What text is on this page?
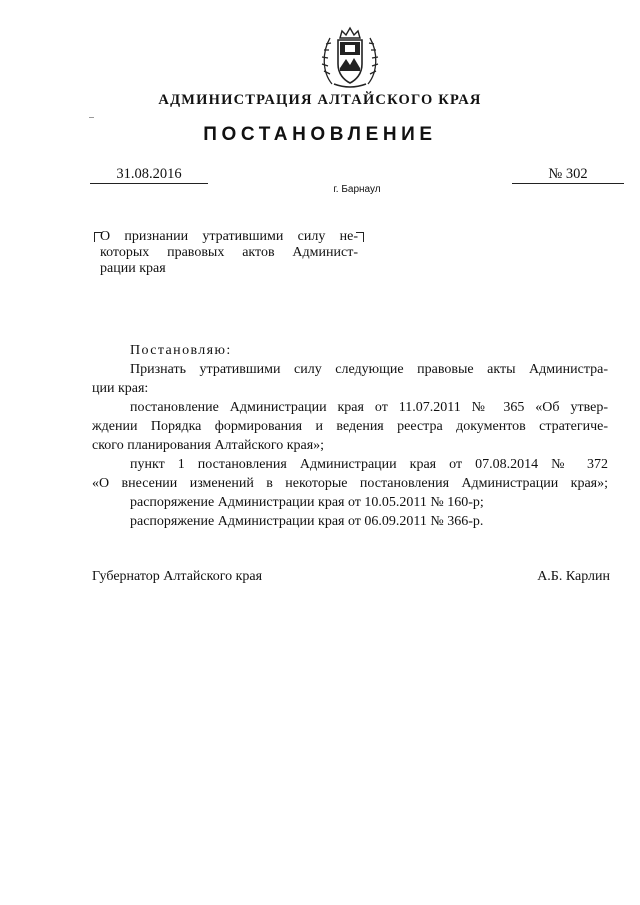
АДМИНИСТРАЦИЯ АЛТАЙСКОГО КРАЯ
ПОСТАНОВЛЕНИЕ
31.08.2016	№ 302
г. Барнаул
О признании утратившими силу не-
которых правовых актов Админист-
рации края
Постановляю:
Признать утратившими силу следующие правовые акты Администра-
ции края:
постановление Администрации края от 11.07.2011 № 365 «Об утвер-
ждении Порядка формирования и ведения реестра документов стратегиче-
ского планирования Алтайского края»;
пункт 1 постановления Администрации края от 07.08.2014 № 372
«О внесении изменений в некоторые постановления Администрации края»;
распоряжение Администрации края от 10.05.2011 № 160-р;
распоряжение Администрации края от 06.09.2011 № 366-р.
Губернатор Алтайского края	А.Б. Карлин
